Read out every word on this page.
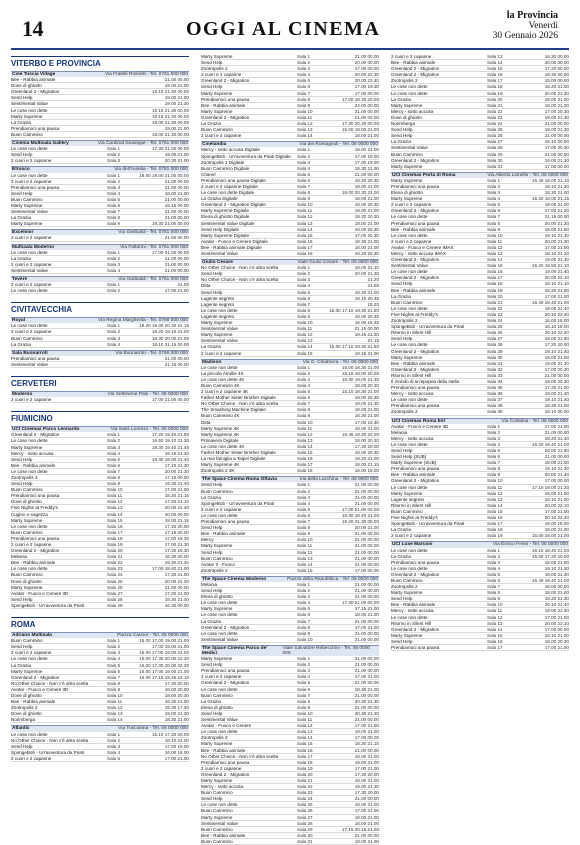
14	OGGI AL CINEMA
la Provincia
Venerdì
30 Gennaio 2026
VITERBO E PROVINCIA
Cine Tuscia Village	Via Fratelli Rosselli - Tel. 0761 000 000
Bee - Rabbia animale	21.00 00.00
Dove di ghiotto	19.00 21.00
Greenland 2 - Migration	19.15 21.30 00.00
Send Help	19.00 21.00
Sentimental Value	19.00 21.30
Le cose non dette	19.15 21.30 00.00
Marty Supreme	19.15 21.30 00.00
La Grazia	19.00 21.30 00.00
Prendiamoci una pausa	19.00 21.00
Buon Cammino	19.00 21.30 00.00
Cinema Multisala Gallery	Via Cardinal Giuseppe - Tel. 0761 000 000
Le cose non dette	Sala 1	17.30 21.00 00.00
Send Help	Sala 2	19.00 21.00
2 cuori e 2 capanne	Sala 3	20.30 21.00
Etrusco	Via dell'Aurelia - Tel. 0761 000 000
Le cose non dette	Sala 1	18.00 19.00 21.00 00.00
2 cuori e 2 capanne	Sala 2	21.00 00.00
Prendiamoci una pausa	Sala 3	21.00 00.00
Send Help	Sala 4	18.00 21.00
Buon Cammino	Sala 5	21.00 00.00
Marty Supreme	Sala 6	18.15 00.00
Sentimental Value	Sala 7	21.00 00.00
La Grazia	Sala 8	21.00 00.00
Marty Supreme	Sala 9	19.30 21.00 00.00
Excelsior	Via Garibaldi - Tel. 0761 000 000
2 cuori e 2 capanne	21.00 00.00
Multisala Moderno	Via Fattorini - Tel. 0761 000 000
Le cose non dette	Sala 1	17.00 21.00 00.00
La Grazia	Sala 2	21.00 00.00
2 cuori e 2 capanne	Sala 3	21.00 00.00
Sentimental Value	Sala 4	21.00 00.00
Tevere	Via Garibaldi - Tel. 0761 000 000
2 cuori e 2 capanne	Sala 1	21.00
Le cose non dette	Sala 2	17.00 21.00
CIVITAVECCHIA
Royal	Via Regina Margherita - Tel. 0766 000 000
Le cose non dette	Sala 1	18.20 19.30 20.30 21.15
2 cuori e 2 capanne	Sala 2	18.20 19.10 21.00
Buon Cammino	Sala 3	18.30 20.00 21.00
La Grazia	Sala 4	18.10 21.15 00.00
Sala Buonarroti	Via Buonarroti - Tel. 0766 000 000
Prendiamoci una pausa	21.00 00.00
Sentimental Value	21.15 00.00
CERVETERI
Moderno	Via Settevene Palo - Tel. 06 0000 000
2 cuori e 2 capanne	17.00 21.00 00.00
FIUMICINO
UCI Cinemas Parco Leonardo	Via Sans Lorenzo - Tel. 06 0000 000
Greenland 2 - Migration	Sala 1	17.20 19.40 21.50
Le cose non dette	Sala 2	16.50 19.10 21.30
Marty Supreme	Sala 3	18.30 19.40 21.45
Mercy - sotto accusa	Sala 4	19.15 21.30
Send Help	Sala 5	16.40 19.00 21.40
Bee - Rabbia animale	Sala 6	17.10 21.30
Le cose non dette	Sala 7	20.00 21.30
Zootropolis 2	Sala 8	17.10 00.00
Send Help	Sala 9	19.30 21.40
Buon Cammino	Sala 10	17.00 21.00
Prendiamoci una pausa	Sala 11	18.20 21.15
Dove di ghiotto	Sala 12	17.20 21.10
Five Nights at Freddy's	Sala 13	20.00 22.40
Cugino e sagezza	Sala 14	20.00 00.00
Marty Supreme	Sala 15	18.00 21.15
Le cose non dette	Sala 16	17.30 20.00
Buon Cammino	Sala 17	17.15 20.00
Prendiamoci una pausa	Sala 18	17.00 19.30
2 cuori e 2 capanne	Sala 19	17.00 21.30
Greenland 2 - Migration	Sala 20	17.30 19.30
Melania	Sala 21	18.30 20.00
Bee - Rabbia animale	Sala 22	19.30 21.40
Le cose non dette	Sala 23	17.00 18.40 21.00
Buon Cammino	Sala 24	17.30 21.00
Dove di ghiotto	Sala 25	20.00 22.20
Marty Supreme	Sala 26	21.00 00.00
Avatar - Fuoco e Cenere 3D	Sala 27	17.00 21.00
Send Help	Sala 28	19.30 21.40
SpongeBob - Un'avventura da Pirati	Sala 29	16.30 00.00
ROMA
Adriano Multisala	Piazza Cavour - Tel. 06 0000 000
Buon Cammino	Sala 1	15.00 17.00 19.00 21.00
Send Help	Sala 2	17.00 19.00 21.00
2 cuori e 2 capanne	Sala 3	15.00 17.00 19.00 21.00
Le cose non dette	Sala 4	15.00 17.30 20.00 22.30
La Grazia	Sala 5	15.00 17.30 20.00 22.30
Marty Supreme	Sala 6	15.00 17.00 19.00 21.00
Greenland 2 - Migration	Sala 7	15.00 17.15 19.45 22.10
No Other Choice - Non c'è altra scelta	Sala 8	17.30 20.00
Avatar - Fuoco e Cenere 3D	Sala 9	16.00 20.00
Dove di ghiotto	Sala 10	18.00 20.30
Bee - Rabbia animale	Sala 11	18.30 21.00
Zootropolis 2	Sala 12	15.30 17.30
Dove di ghiotto	Sala 13	19.00 21.30
Norimberga	Sala 14	18.30 21.00
Atlantic	Via Tuscolana - Tel. 06 0000 000
Le cose non dette	Sala 1	15.10 17.30 20.00
No Other Choice - Non c'è altra scelta	Sala 2	18.10 21.00
Send Help	Sala 3	17.00 19.00
SpongeBob - Un'avventura da Pirati	Sala 4	16.00 18.00
2 cuori e 2 capanne	Sala 5	17.00 21.00
Marty Supreme	Sala 1	21.00 00.00
Send Help	Sala 2	20.00 00.00
Zootropolis 2	Sala 3	17.00 00.00
2 cuori e 2 capanne	Sala 4	20.00 22.30
Greenland 2 - Migration	Sala 5	20.00 22.40
Send Help	Sala 6	17.00 19.30
Marty Supreme	Sala 7	17.00 00.00
Prendiamoci una pausa	Sala 8	17.00 18.30 20.00
Bee - Rabbia animale	Sala 9	22.00 00.00
Marty Supreme	Sala 10	21.00 00.00
Greenland 2 - Migration	Sala 11	21.00 00.00
La Grazia	Sala 12	17.30 20.30 00.00
Buon Cammino	Sala 13	15.00 18.00 21.00
2 cuori e 2 capanne	Sala 14	18.00 21.00
Cinelandia	Via dei Romagnoli - Tel. 06 0000 000
Mercy - sotto accusa Digitale	Sala 1	18.00 21.00
SpongeBob - Un'avventura da Pirati Digitale	Sala 2	17.00 19.00
Zootropolis 2 Digitale	Sala 3	17.00 19.00
Buon Cammino Digitale	Sala 4	18.30 21.00
Chanel	Sala 5	21.00 00.00
Prendiamoci una pausa Digitale	Sala 6	18.20 20.30
2 cuori e 2 capanne Digitale	Sala 7	18.00 21.00
Le cose non dette Digitale	Sala 8	18.00 20.30 22.00
La Grazia Digitale	Sala 9	18.00 21.00
Greenland 2 - Migration Digitale	Sala 10	18.00 20.30
Marty Supreme Digitale	Sala 11	18.00 21.00
Elena di ghiotto Digitale	Sala 12	18.20 20.30
Sentimental Value Digitale	Sala 13	18.00 21.00
Send Help Digitale	Sala 14	18.00 20.30
Marty Supreme Digitale	Sala 15	17.00 20.30
Avatar - Fuoco e Cenere Digitale	Sala 16	18.30 21.00
Bee - Rabbia animale Digitale	Sala 17	18.00 21.00
Sentimental Value	Sala 18	18.20 20.30
Giulio Cesare	Viale Giulio Cesare - Tel. 06 0000 000
No Other Choice - Non c'è altra scelta	Sala 1	18.00 21.10
Send Help	Sala 2	20.00 21.30
No Other Choice - Non c'è altra scelta	Sala 3	21.20
Ditta	Sala 4	21.00
Send Help	Sala 5	18.30 21.00
Lagente segreto	Sala 6	18.15 20.45
Lagente segreto	Sala 7	18.20
Le cose non dette	Sala 8	15.00 17.10 19.30 21.50
Lagente segreto	Sala 9	18.00 20.45
Marty Supreme	Sala 10	16.00 18.45
Sentimental Value	Sala 11	21.15 00.00
Marty Supreme	Sala 12	18.45 21.30
Sentimental Value	Sala 13	21.15
La Grazia	Sala 14	15.00 17.10 19.30 21.50
2 cuori e 2 capanne	Sala 15	19.15 21.00
Madison	Via G. Chiabrera - Tel. 06 0000 000
Le cose non dette	Sala 1	16.00 18.30 21.00
La piccola Amélie 4K	Sala 2	16.15 18.00 20.00
Le cose non dette 4K	Sala 3	16.30 19.00 21.30
Buon Cammino 4K	Sala 4	18.00 20.30
2 cuori e 2 capanne 4K	Sala 5	15.10 18.30 21.00
Father Mother Sister Brother Digitale	Sala 6	18.00 20.30
No Other Choice - Non c'è altra scelta	Sala 7	19.00 21.30
The Smashing Machine Digitale	Sala 8	18.00 21.00
Buon Cammino 4K	Sala 9	18.30 21.00
Ditta	Sala 10	17.00 19.30
Marty Supreme 4K	Sala 11	18.00 21.00
Marty Supreme 4K	Sala 12	16.45 19.30 22.00
Primavera Digitale	Sala 13	18.00 20.30
Le cose non dette 4K	Sala 14	17.30 20.00
Father Mother Sister Brother Digitale	Sala 15	18.00 20.30
La mia famiglia a Taipei Digitale	Sala 16	18.20 21.00
Marty Supreme 4K	Sala 17	18.00 21.15
Zootropolis 2 4K	Sala 18	16.00 18.00
The Space Cinema Roma Ottavia	Via della Lucchina - Tel. 06 0000 000
Send Help	Sala 1	21.00 00.00
Buon Cammino	Sala 2	21.00 00.00
La Grazia	Sala 3	21.00 00.00
SpongeBob - Un'avventura da Pirati	Sala 4	21.00 00.00
2 cuori e 2 capanne	Sala 5	17.00 21.00 00.00
Le cose non dette	Sala 6	16.30 18.40 21.00
Prendiamoci una pausa	Sala 7	19.20 21.30 00.00
Send Help	Sala 8	20.00 21.00
Bee - Rabbia animale	Sala 9	21.00 00.00
Mercy	Sala 10	21.00 00.00
Marty Supreme	Sala 11	21.00 00.00
Send Help	Sala 12	21.00 00.00
Buon Cammino	Sala 13	21.00 00.00
Avatar 3 - Fuoco	Sala 14	21.00 00.00
Zootropolis 2	Sala 15	17.00 00.00
The Space Cinema Moderno	Piazza della Repubblica - Tel. 06 0000 000
Melania	Sala 1	21.00 00.00
Send Help	Sala 2	21.00 00.00
Elena di ghiotto	Sala 3	21.00 00.00
Le cose non dette	Sala 4	17.30 21.00 00.00
Marty Supreme	Sala 5	17.15 21.00
Le cose non dette	Sala 6	18.00 21.00
La Grazia	Sala 7	21.00 00.00
Greenland 2 - Migration	Sala 8	17.00 21.00
Le cose non dette	Sala 9	21.00 00.00
Sentimental Value	Sala 10	21.00 00.00
The Space Cinema Parco de' Medici
Viale Salvatore Rebecchini - Tel. 06 0000 000
Marty Supreme	Sala 1	21.00 00.00
Send Help	Sala 2	21.00 00.00
Prendiamoci una pausa	Sala 3	21.00 00.00
2 cuori e 2 capanne	Sala 4	17.00 21.00
Greenland 2 - Migration	Sala 5	21.00 00.00
Le cose non dette	Sala 6	18.30 21.00
Buon Cammino	Sala 7	21.00 00.00
La Grazia	Sala 8	20.30 21.30
Elena di ghiotto	Sala 9	21.00 00.00
Send Help	Sala 10	20.30 21.30
Sentimental Value	Sala 11	21.00 00.00
Avatar - Fuoco e Cenere	Sala 12	17.00 21.00
Le cose non dette	Sala 13	18.00 21.00
Zootropolis 2	Sala 14	17.00 00.00
Marty Supreme	Sala 15	18.30 21.15
Bee - Rabbia animale	Sala 16	21.00 00.00
No Other Choice - Non c'è altra scelta	Sala 17	18.00 21.00
Prendiamoci una pausa	Sala 18	19.00 21.00
2 cuori e 2 capanne	Sala 19	17.00 21.00
Greenland 2 - Migration	Sala 20	17.30 20.00
Marty Supreme	Sala 21	18.00 21.00
Mercy - sotto accusa	Sala 22	19.00 21.30
Buon Cammino	Sala 23	17.30 20.00
Send Help	Sala 24	21.00 00.00
Le cose non dette	Sala 25	18.00 21.00
Buon Cammino	Sala 26	17.00 21.00
Marty Supreme	Sala 27	18.00 21.00
Sentimental Value	Sala 28	18.00 21.00
Buon Cammino	Sala 29	17.15 20.15 21.00
Bee - Rabbia animale	Sala 30	21.00 00.00
Buon Cammino	Sala 31	18.00 21.00
2 cuori e 2 capanne	Sala 13	16.30 00.00
Bee - Rabbia animale	Sala 14	20.00 00.00
Greenland 2 - Migration	Sala 15	17.20 00.00
Greenland 2 - Migration	Sala 16	19.30 00.00
Zootropolis 2	Sala 17	15.00 00.00
Le cose non dette	Sala 18	18.20 21.00
Le cose non dette	Sala 19	20.00 21.30
La Grazia	Sala 20	18.00 21.00
Marty Supreme	Sala 21	18.00 21.00
Mercy - sotto accusa	Sala 22	17.00 20.30
Dove di ghiotto	Sala 23	19.00 21.30
Norimberga	Sala 24	21.00 00.00
Send Help	Sala 25	19.00 21.30
Send Help	Sala 26	21.00 00.00
La Grazia	Sala 27	16.10 00.00
Sentimental Value	Sala 28	17.00 20.30
Buon Cammino	Sala 29	21.00 00.00
Greenland 2 - Migration	Sala 30	19.00 21.30
Marty Supreme	Sala 31	17.00 00.00
UCI Cinemas Porta di Roma	Via Alberto Lionello - Tel. 06 0000 000
Marty Supreme	Sala 1	16.40 18.00 21.10
Prendiamoci una pausa	Sala 2	19.10 21.30
Elena di ghiotto	Sala 3	18.30 21.00
Marty Supreme	Sala 4	15.20 18.00 21.15
2 cuori e 2 capanne	Sala 5	19.00 21.00
Greenland 2 - Migration	Sala 6	17.00 21.20
Le cose non dette	Sala 7	21.15 00.00
Prendiamoci una pausa	Sala 8	20.00 21.30
Bee - Rabbia animale	Sala 9	18.00 21.00
Le cose non dette	Sala 10	19.10 21.40
2 cuori e 2 capanne	Sala 11	20.00 21.30
Avatar - Fuoco e Cenere IMAX	Sala 12	17.00 21.00
Mercy - sotto accusa IMAX	Sala 13	18.10 21.20
Greenland 2 - Migration	Sala 14	19.00 21.40
Sentimental Value	Sala 15	16.20 18.50 21.10
Le cose non dette	Sala 16	19.00 21.40
Greenland 2 - Migration	Sala 17	20.00 22.10
Send Help	Sala 18	18.10 21.10
Bee - Rabbia animale	Sala 19	18.20 21.00
La Grazia	Sala 20	17.00 21.00
Buon Cammino	Sala 21	16.40 18.40 21.00
Le cose non dette	Sala 22	19.00 21.40
Five Nights at Freddy's	Sala 23	20.10 22.40
Zootropolis 2	Sala 24	16.00 18.00
SpongeBob - Un'avventura da Pirati	Sala 25	16.10 18.00
Ritorno in Silent Hill	Sala 26	20.10 22.40
Send Help	Sala 27	19.00 21.30
Le cose non dette	Sala 28	17.20 20.00
Greenland 2 - Migration	Sala 29	19.10 21.40
Marty Supreme	Sala 30	18.00 21.00
Bee - Rabbia animale	Sala 31	19.00 21.30
Greenland 2 - Migration	Sala 32	17.00 20.30
Ritorno in Silent Hill	Sala 33	21.00 00.00
Il mondo di un'epopea della stella	Sala 34	18.00 20.30
Prendiamoci una pausa	Sala 35	17.20 21.00
Mercy - sotto accusa	Sala 36	19.00 21.30
Le cose non dette	Sala 37	19.10 21.40
Prendiamoci una pausa	Sala 38	18.30 21.00
Zootropolis 2	Sala 39	16.10 00.00
UCI Cinemas Roma Est	Via Collatina - Tel. 06 0000 000
Avatar - Fuoco e Cenere 3D	Sala 1	17.00 21.00
Melania	Sala 2	21.00 00.00
Mercy - sotto accusa	Sala 3	19.20 21.40
Le cose non dette	Sala 4	16.20 18.40 21.00
Send Help	Sala 5	20.00 21.30
Send Help (SUB)	Sala 6	21.00 00.00
Marty Supreme (SUB)	Sala 7	18.00 21.00
Prendiamoci una pausa	Sala 8	19.10 21.30
Bee - Rabbia animale	Sala 9	20.00 21.40
Greenland 2 - Migration	Sala 10	17.00 00.00
Le cose non dette	Sala 11	17.10 19.00 21.30
Marty Supreme	Sala 12	18.00 21.00
Lagente segreto	Sala 13	18.10 21.00
Ritorno in Silent Hill	Sala 14	20.00 22.10
Buon Cammino	Sala 15	17.00 21.00
Five Nights at Freddy's	Sala 16	20.10 22.40
SpongeBob - Un'avventura da Pirati	Sala 17	16.00 18.00
La Grazia	Sala 18	18.00 21.00
2 cuori e 2 capanne	Sala 19	15.00 18.00 21.00
UCI Luxe Marconi	Via Enrico Fermi - Tel. 06 0000 000
Le cose non dette	Sala 1	16.10 18.40 21.00
La Grazia	Sala 2	15.00 17.20 20.00
Prendiamoci una pausa	Sala 3	18.00 21.00
Le cose non dette	Sala 4	19.10 21.30
Greenland 2 - Migration	Sala 5	19.00 21.40
Buon Cammino	Sala 6	16.40 18.40 21.00
Zootropolis 2	Sala 7	16.00 00.00
Marty Supreme	Sala 8	18.00 21.00
Send Help	Sala 9	19.20 21.30
Bee - Rabbia animale	Sala 10	20.10 21.40
Mercy - sotto accusa	Sala 11	19.00 21.30
Le cose non dette	Sala 12	17.00 21.00
Ritorno in Silent Hill	Sala 13	20.00 22.10
Greenland 2 - Migration	Sala 14	17.00 00.00
Marty Supreme	Sala 15	18.10 21.00
Send Help	Sala 16	18.00 20.30
Prendiamoci una pausa	Sala 17	17.00 21.00
